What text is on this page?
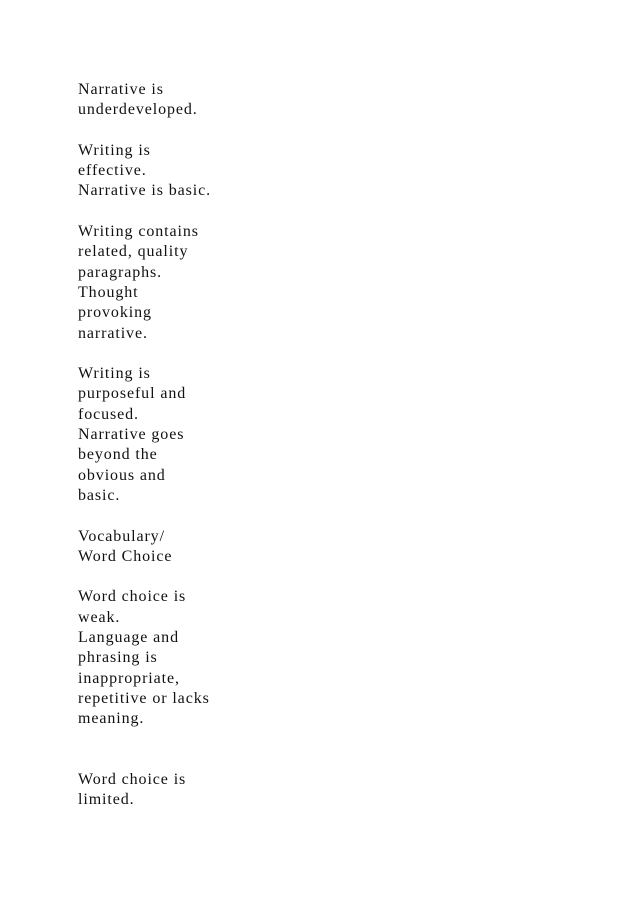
Narrative is
underdeveloped.

Writing is
effective.
Narrative is basic.

Writing contains
related, quality
paragraphs.
Thought
provoking
narrative.

Writing is
purposeful and
focused.
Narrative goes
beyond the
obvious and
basic.

Vocabulary/
Word Choice

Word choice is
weak.
Language and
phrasing is
inappropriate,
repetitive or lacks
meaning.

Word choice is
limited.
